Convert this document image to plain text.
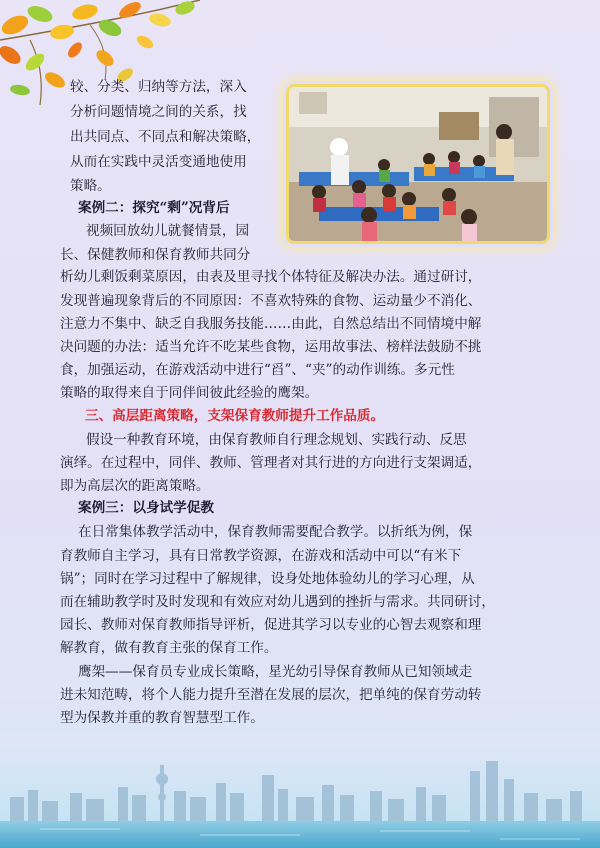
较、分类、归纳等方法，深入
分析问题情境之间的关系，找
出共同点、不同点和解决策略，
从而在实践中灵活变通地使用
策略。
案例二：探究“剩”况背后
视频回放幼儿就餐情景，园
长、保健教师和保育教师共同分
析幼儿剩饭剩菜原因，由表及里寻找个体特征及解决办法。通过研讨，
发现普遍现象背后的不同原因：不喜欢特殊的食物、运动量少不消化、
注意力不集中、缺乏自我服务技能……由此，自然总结出不同情境中解
决问题的办法：适当允许不吃某些食物，运用故事法、榜样法鼓励不挑
食，加强运动，在游戏活动中进行“舀”、“夹”的动作训练。多元性
策略的取得来自于同伴间彼此经验的鹰架。
三、高层距离策略，支架保育教师提升工作品质。
假设一种教育环境，由保育教师自行理念规划、实践行动、反思
演绎。在过程中，同伴、教师、管理者对其行进的方向进行支架调适，
即为高层次的距离策略。
案例三：以身试学促教
在日常集体教学活动中，保育教师需要配合教学。以折纸为例，保
育教师自主学习，具有日常教学资源，在游戏和活动中可以“有米下
锅”；同时在学习过程中了解规律，设身处地体验幼儿的学习心理，从
而在辅助教学时及时发现和有效应对幼儿遇到的挫折与需求。共同研讨，
园长、教师对保育教师指导评析，促进其学习以专业的心智去观察和理
解教育，做有教育主张的保育工作。
鹰架——保育员专业成长策略，星光幼引导保育教师从已知领域走
进未知范畴，将个人能力提升至潜在发展的层次，把单纯的保育劳动转
型为保教并重的教育智慧型工作。
